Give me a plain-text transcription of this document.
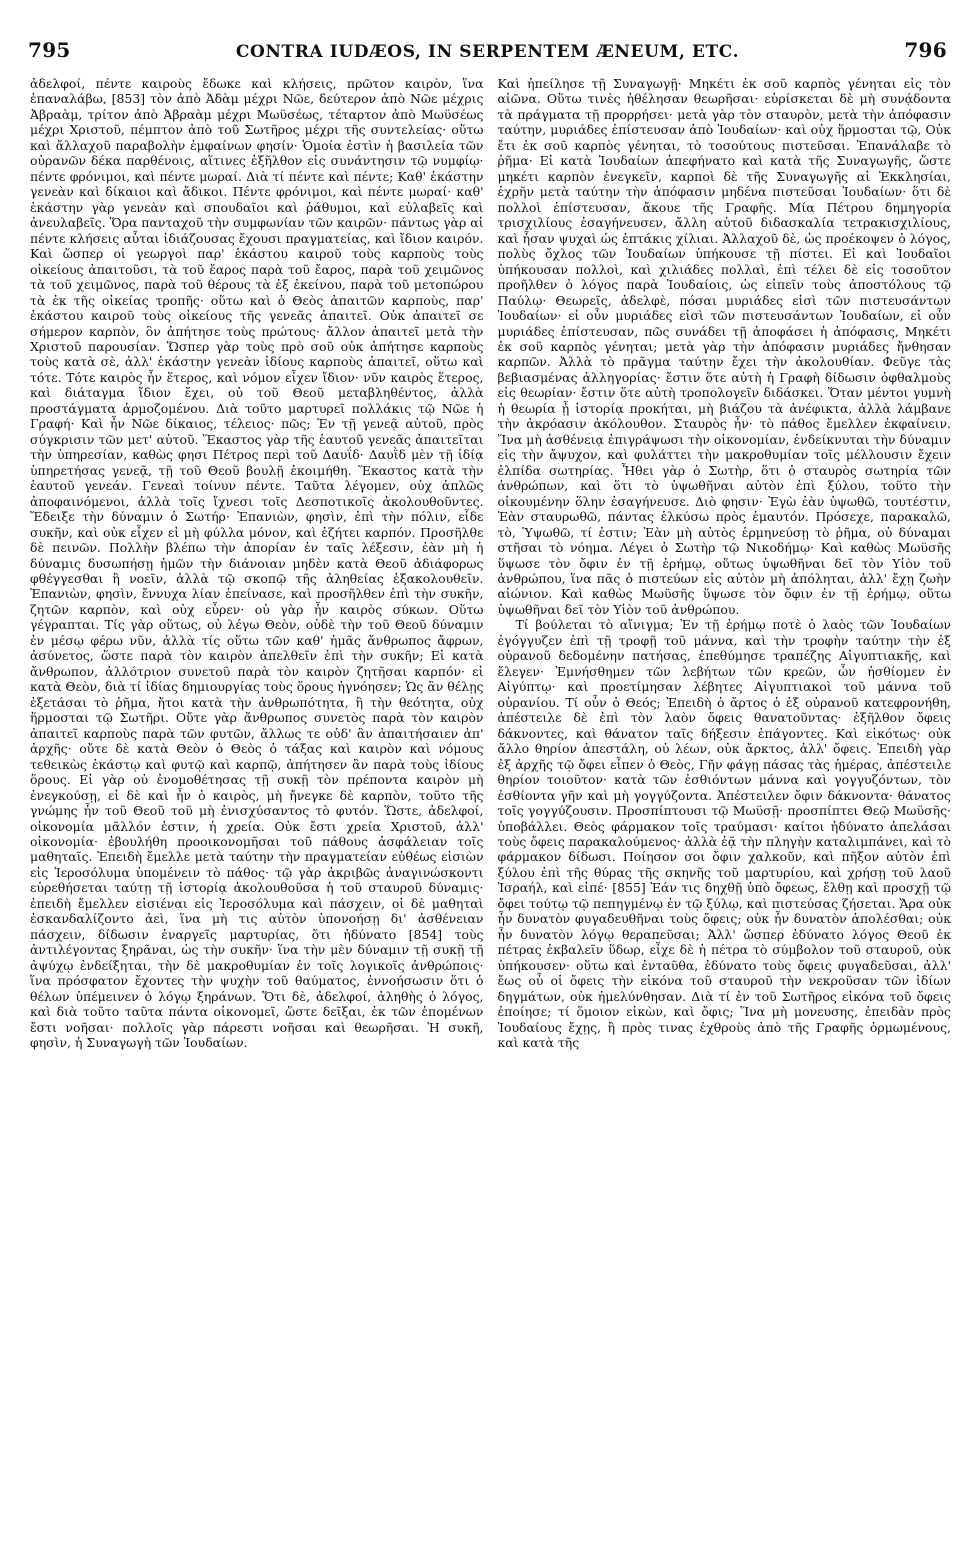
795	CONTRA IUDÆOS, IN SERPENTEM ÆNEUM, ETC.	796

ἀδελφοί, πέντε καιροὺς ἔδωκε καὶ κλήσεις, πρῶτον καιρὸν, ἵνα ἐπαναλάβω, [853] τὸν ἀπὸ Ἀδὰμ μέχρι Νῶε, δεύτερον ἀπὸ Νῶε μέχρις Ἀβραὰμ, τρίτον ἀπὸ Ἀβραὰμ μέχρι Μωϋσέως, τέταρτον ἀπὸ Μωϋσέως μέχρι Χριστοῦ, πέμπτον ἀπὸ τοῦ Σωτῆρος μέχρι τῆς συντελείας· οὕτω καὶ ἄλλαχοῦ παραβολὴν ἐμφαίνων φησίν· Ὁμοία ἐστὶν ἡ βασιλεία τῶν οὐρανῶν δέκα παρθένοις, αἵτινες ἐξῆλθον εἰς συνάντησιν τῷ νυμφίῳ· πέντε φρόνιμοι, καὶ πέντε μωραί. Διὰ τί πέντε καὶ πέντε; Καθ' ἑκάστην γενεὰν καὶ δίκαιοι καὶ ἄδικοι. Πέντε φρόνιμοι, καὶ πέντε μωραί· καθ' ἑκάστην γὰρ γενεὰν καὶ σπουδαῖοι καὶ ῥάθυμοι, καὶ εὐλαβεῖς καὶ ἀνευλαβεῖς. Ὅρα πανταχοῦ τὴν συμφωνίαν τῶν καιρῶν· πάντως γὰρ αἱ πέντε κλήσεις αὗται ἰδιάζουσας ἔχουσι πραγματείας, καὶ ἴδιον καιρόν. Καὶ ὥσπερ οἱ γεωργοὶ παρ' ἑκάστου καιροῦ τοὺς καρποὺς τοὺς οἰκείους ἀπαιτοῦσι, τὰ τοῦ ἔαρος παρὰ τοῦ ἔαρος, παρὰ τοῦ χειμῶνος τὰ τοῦ χειμῶνος, παρὰ τοῦ θέρους τὰ ἐξ ἐκείνου, παρὰ τοῦ μετοπώρου τὰ ἐκ τῆς οἰκείας τροπῆς· οὕτω καὶ ὁ Θεὸς ἀπαιτῶν καρποὺς, παρ' ἑκάστου καιροῦ τοὺς οἰκείους τῆς γενεᾶς ἀπαιτεῖ. Οὐκ ἀπαιτεῖ σε σήμερον καρπὸν, ὃν ἀπήτησε τοὺς πρώτους· ἄλλον ἀπαιτεῖ μετὰ τὴν Χριστοῦ παρουσίαν. Ὥσπερ γὰρ τοὺς πρὸ σοῦ οὐκ ἀπήτησε καρποὺς τοὺς κατὰ σὲ, ἀλλ' ἑκάστην γενεὰν ἰδίους καρποὺς ἀπαιτεῖ, οὕτω καὶ τότε. Τότε καιρὸς ἦν ἕτερος, καὶ νόμον εἶχεν ἴδιον· νῦν καιρὸς ἕτερος, καὶ διάταγμα ἴδιον ἔχει, οὐ τοῦ Θεοῦ μεταβληθέντος, ἀλλὰ προστάγματα ἁρμοζομένου. Διὰ τοῦτο μαρτυρεῖ πολλάκις τῷ Νῶε ἡ Γραφή· Καὶ ἦν Νῶε δίκαιος, τέλειος· πῶς; Ἐν τῇ γενεᾷ αὐτοῦ, πρὸς σύγκρισιν τῶν μετ' αὐτοῦ. Ἕκαστος γὰρ τῆς ἑαυτοῦ γενεᾶς ἀπαιτεῖται τὴν ὑπηρεσίαν, καθὼς φησι Πέτρος περὶ τοῦ Δαυΐδ· Δαυῒδ μὲν τῇ ἰδίᾳ ὑπηρετήσας γενεᾷ, τῇ τοῦ Θεοῦ βουλῇ ἐκοιμήθη. Ἕκαστος κατὰ τὴν ἑαυτοῦ γενεάν. Γενεαὶ τοίνυν πέντε. Ταῦτα λέγομεν, οὐχ ἁπλῶς ἀποφαινόμενοι, ἀλλὰ τοῖς ἴχνεσι τοῖς Δεσποτικοῖς ἀκολουθοῦντες. Ἔδειξε τὴν δύναμιν ὁ Σωτήρ· Ἐπανιὼν, φησὶν, ἐπὶ τὴν πόλιν, εἶδε συκῆν, καὶ οὐκ εἶχεν εἰ μὴ φύλλα μόνον, καὶ ἐζήτει καρπόν. Προσῆλθε δὲ πεινῶν. Πολλὴν βλέπω τὴν ἀπορίαν ἐν ταῖς λέξεσιν, ἐὰν μὴ ἡ δύναμις δυσωπήσῃ ἡμῶν τὴν διάνοιαν μηδὲν κατὰ Θεοῦ ἀδιάφορως φθέγγεσθαι ἢ νοεῖν, ἀλλὰ τῷ σκοπῷ τῆς ἀληθείας ἐξακολουθεῖν. Ἐπανιὼν, φησὶν, ἔννυχα λίαν ἐπείνασε, καὶ προσῆλθεν ἐπὶ τὴν συκῆν, ζητῶν καρπὸν, καὶ οὐχ εὗρεν· οὐ γὰρ ἦν καιρὸς σύκων. Οὕτω γέγραπται. Τίς γὰρ οὕτως, οὐ λέγω Θεὸν, οὐδὲ τὴν τοῦ Θεοῦ δύναμιν ἐν μέσῳ φέρω νῦν, ἀλλὰ τίς οὕτω τῶν καθ' ἡμᾶς ἄνθρωπος ἄφρων, ἀσύνετος, ὥστε παρὰ τὸν καιρὸν ἀπελθεῖν ἐπὶ τὴν συκῆν; Εἰ κατὰ ἄνθρωπον, ἀλλότριον συνετοῦ παρὰ τὸν καιρὸν ζητῆσαι καρπόν· εἰ κατὰ Θεὸν, διὰ τί ἰδίας δημιουργίας τοὺς ὅρους ἠγνόησεν; Ὡς ἂν θέλῃς ἐξετάσαι τὸ ῥῆμα, ἤτοι κατὰ τὴν ἀνθρωπότητα, ἢ τὴν θεότητα, οὐχ ἥρμοσται τῷ Σωτῆρι. Οὔτε γὰρ ἄνθρωπος συνετὸς παρὰ τὸν καιρὸν ἀπαιτεῖ καρποὺς παρὰ τῶν φυτῶν, ἄλλως τε οὐδ' ἂν ἀπαιτήσαιεν ἀπ' ἀρχῆς· οὔτε δὲ κατὰ Θεὸν ὁ Θεὸς ὁ τάξας καὶ καιρὸν καὶ νόμους τεθεικὼς ἑκάστῳ καὶ φυτῷ καὶ καρπῷ, ἀπήτησεν ἂν παρὰ τοὺς ἰδίους ὅρους. Εἰ γὰρ οὐ ἐνομοθέτησας τῇ συκῇ τὸν πρέποντα καιρὸν μὴ ἐνεγκούσῃ, εἰ δὲ καὶ ἦν ὁ καιρὸς, μὴ ἤνεγκε δὲ καρπὸν, τοῦτο τῆς γνώμης ἦν τοῦ Θεοῦ τοῦ μὴ ἐνισχύσαντος τὸ φυτόν. Ὥστε, ἀδελφοί, οἰκονομία μᾶλλόν ἐστιν, ἡ χρεία. Οὐκ ἔστι χρεία Χριστοῦ, ἀλλ' οἰκονομία· ἐβουλήθη προοικονομῆσαι τοῦ πάθους ἀσφάλειαν τοῖς μαθηταῖς. Ἐπειδὴ ἔμελλε μετὰ ταύτην τὴν πραγματείαν εὐθέως εἰσιὼν εἰς Ἱεροσόλυμα ὑπομένειν τὸ πάθος· τῷ γὰρ ἀκριβῶς ἀναγινώσκοντι εὑρεθήσεται ταύτῃ τῇ ἱστορίᾳ ἀκολουθοῦσα ἡ τοῦ σταυροῦ δύναμις· ἐπειδὴ ἔμελλεν εἰσιέναι εἰς Ἱεροσόλυμα καὶ πάσχειν, οἱ δὲ μαθηταὶ ἐσκανδαλίζοντο ἀεὶ, ἵνα μὴ τις αὐτὸν ὑπονοήσῃ δι' ἀσθένειαν πάσχειν, δίδωσιν ἐναργεῖς μαρτυρίας, ὅτι ἠδύνατο [854] τοὺς ἀντιλέγοντας ξηρᾶναι, ὡς τὴν συκῆν· ἵνα τὴν μὲν δύναμιν τῇ συκῇ τῇ ἀψύχῳ ἐνδείξηται, τὴν δὲ μακροθυμίαν ἐν τοῖς λογικοῖς ἀνθρώποις· ἵνα πρόσφατον ἔχοντες τὴν ψυχὴν τοῦ θαύματος, ἐννοήσωσιν ὅτι ὁ θέλων ὑπέμεινεν ὁ λόγῳ ξηράνων. Ὅτι δὲ, ἀδελφοί, ἀληθὴς ὁ λόγος, καὶ διὰ τοῦτο ταῦτα πάντα οἰκονομεῖ, ὥστε δεῖξαι, ἐκ τῶν ἑπομένων ἔστι νοῆσαι· πολλοῖς γὰρ πάρεστι νοῆσαι καὶ θεωρῆσαι. Ἡ συκῆ, φησὶν, ἡ Συναγωγὴ τῶν Ἰουδαίων.

Καὶ ἠπείλησε τῇ Συναγωγῇ· Μηκέτι ἐκ σοῦ καρπὸς γένηται εἰς τὸν αἰῶνα. Οὕτω τινὲς ἠθέλησαν θεωρῆσαι· εὑρίσκεται δὲ μὴ συνᾴδοντα τὰ πράγματα τῇ προρρήσει· μετὰ γὰρ τὸν σταυρὸν, μετὰ τὴν ἀπόφασιν ταύτην, μυριάδες ἐπίστευσαν ἀπὸ Ἰουδαίων· καὶ οὐχ ἥρμοσται τῷ, Οὐκ ἔτι ἐκ σοῦ καρπὸς γένηται, τὸ τοσούτους πιστεῦσαι. Ἐπανάλαβε τὸ ῥῆμα· Εἰ κατὰ Ἰουδαίων ἀπεφήνατο καὶ κατὰ τῆς Συναγωγῆς, ὥστε μηκέτι καρπὸν ἐνεγκεῖν, καρποὶ δὲ τῆς Συναγωγῆς αἱ Ἐκκλησίαι, ἐχρῆν μετὰ ταύτην τὴν ἀπόφασιν μηδένα πιστεῦσαι Ἰουδαίων· ὅτι δὲ πολλοὶ ἐπίστευσαν, ἄκουε τῆς Γραφῆς. Μία Πέτρου δημηγορία τρισχιλίους ἐσαγήνευσεν, ἄλλη αὐτοῦ διδασκαλία τετρακισχιλίους, καὶ ἦσαν ψυχαὶ ὡς ἑπτάκις χίλιαι. Ἀλλαχοῦ δὲ, ὡς προέκοψεν ὁ λόγος, πολὺς ὄχλος τῶν Ἰουδαίων ὑπήκουσε τῇ πίστει. Εἰ καὶ Ἰουδαῖοι ὑπήκουσαν πολλοὶ, καὶ χιλιάδες πολλαὶ, ἐπὶ τέλει δὲ εἰς τοσοῦτον προῆλθεν ὁ λόγος παρὰ Ἰουδαίοις, ὡς εἰπεῖν τοὺς ἀποστόλους τῷ Παύλῳ· Θεωρεῖς, ἀδελφὲ, πόσαι μυριάδες εἰσὶ τῶν πιστευσάντων Ἰουδαίων· εἰ οὖν μυριάδες εἰσὶ τῶν πιστευσάντων Ἰουδαίων, εἰ οὖν μυριάδες ἐπίστευσαν, πῶς συνάδει τῇ ἀποφάσει ἡ ἀπόφασις, Μηκέτι ἐκ σοῦ καρπὸς γένηται; μετὰ γὰρ τὴν ἀπόφασιν μυριάδες ἤνθησαν καρπῶν. Ἀλλὰ τὸ πρᾶγμα ταύτην ἔχει τὴν ἀκολουθίαν. Φεῦγε τὰς βεβιασμένας ἀλληγορίας· ἔστιν ὅτε αὐτὴ ἡ Γραφὴ δίδωσιν ὀφθαλμοὺς εἰς θεωρίαν· ἔστιν ὅτε αὐτὴ τροπολογεῖν διδάσκει. Ὅταν μέντοι γυμνὴ ἡ θεωρία ᾖ ἱστορίᾳ προκήται, μὴ βιάζου τὰ ἀνέφικτα, ἀλλὰ λάμβανε τὴν ἀκρόασιν ἀκόλουθον. Σταυρὸς ἦν· τὸ πάθος ἔμελλεν ἐκφαίνειν. Ἵνα μὴ ἀσθένειᾳ ἐπιγράψωσι τὴν οἰκονομίαν, ἐνδείκνυται τὴν δύναμιν εἰς τὴν ἄψυχον, καὶ φυλάττει τὴν μακροθυμίαν τοῖς μέλλουσιν ἔχειν ἐλπίδα σωτηρίας. Ἦθει γὰρ ὁ Σωτὴρ, ὅτι ὁ σταυρὸς σωτηρία τῶν ἀνθρώπων, καὶ ὅτι τὸ ὑψωθῆναι αὐτὸν ἐπὶ ξύλου, τοῦτο τὴν οἰκουμένην ὅλην ἐσαγήνευσε. Διὸ φησιν· Ἐγὼ ἐὰν ὑψωθῶ, τουτέστιν, Ἐὰν σταυρωθῶ, πάντας ἑλκύσω πρὸς ἐμαυτόν. Πρόσεχε, παρακαλῶ, τὸ, Ὑψωθῶ, τί ἐστιν; Ἐὰν μὴ αὐτὸς ἑρμηνεύσῃ τὸ ῥῆμα, οὐ δύναμαι στῆσαι τὸ νόημα. Λέγει ὁ Σωτὴρ τῷ Νικοδήμῳ· Καὶ καθὼς Μωϋσῆς ὕψωσε τὸν ὄφιν ἐν τῇ ἐρήμῳ, οὕτως ὑψωθῆναι δεῖ τὸν Υἱὸν τοῦ ἀνθρώπου, ἵνα πᾶς ὁ πιστεύων εἰς αὐτὸν μὴ ἀπόληται, ἀλλ' ἔχῃ ζωὴν αἰώνιον. Καὶ καθὼς Μωϋσῆς ὕψωσε τὸν ὄφιν ἐν τῇ ἐρήμῳ, οὕτω ὑψωθῆναι δεῖ τὸν Υἱὸν τοῦ ἀνθρώπου.

Τί βούλεται τὸ αἴνιγμα; Ἐν τῇ ἐρήμῳ ποτὲ ὁ λαὸς τῶν Ἰουδαίων ἐγόγγυζεν ἐπὶ τῇ τροφῇ τοῦ μάννα, καὶ τὴν τροφὴν ταύτην τὴν ἐξ οὐρανοῦ δεδομένην πατήσας, ἐπεθύμησε τραπέζης Αἰγυπτιακῆς, καὶ ἔλεγεν· Ἐμνήσθημεν τῶν λεβήτων τῶν κρεῶν, ὧν ἠσθίομεν ἐν Αἰγύπτῳ· καὶ προετίμησαν λέβητες Αἰγυπτιακοὶ τοῦ μάννα τοῦ οὐρανίου. Τί οὖν ὁ Θεός; Ἐπειδὴ ὁ ἄρτος ὁ ἐξ οὐρανοῦ κατεφρονήθη, ἀπέστειλε δὲ ἐπὶ τὸν λαὸν ὄφεις θανατοῦντας· ἐξῆλθον ὄφεις δάκνοντες, καὶ θάνατον ταῖς δήξεσιν ἐπάγοντες. Καὶ εἰκότως· οὐκ ἄλλο θηρίον ἀπεστάλη, οὐ λέων, οὐκ ἄρκτος, ἀλλ' ὄφεις. Ἐπειδὴ γὰρ ἐξ ἀρχῆς τῷ ὄφει εἶπεν ὁ Θεὸς, Γῆν φάγῃ πάσας τὰς ἡμέρας, ἀπέστειλε θηρίον τοιοῦτον· κατὰ τῶν ἐσθιόντων μάννα καὶ γογγυζόντων, τὸν ἐσθίοντα γῆν καὶ μὴ γογγύζοντα. Ἀπέστειλεν ὄφιν δάκνοντα· θάνατος τοῖς γογγύζουσιν. Προσπίπτουσι τῷ Μωϋσῇ· προσπίπτει Θεῷ Μωϋσῆς· ὑποβάλλει. Θεὸς φάρμακον τοῖς τραύμασι· καίτοι ἠδύνατο ἀπελάσαι τοὺς ὄφεις παρακαλούμενος· ἀλλὰ ἐᾷ τὴν πληγὴν καταλιμπάνει, καὶ τὸ φάρμακον δίδωσι. Ποίησον σοι ὄφιν χαλκοῦν, καὶ πῆξον αὐτὸν ἐπὶ ξύλου ἐπὶ τῆς θύρας τῆς σκηνῆς τοῦ μαρτυρίου, καὶ χρήσῃ τοῦ λαοῦ Ἰσραήλ, καὶ εἰπέ· [855] Ἐάν τις δηχθῇ ὑπὸ ὄφεως, ἔλθῃ καὶ προσχῇ τῷ ὄφει τούτῳ τῷ πεπηγμένῳ ἐν τῷ ξύλῳ, καὶ πιστεύσας ζήσεται. Ἄρα οὐκ ἦν δυνατὸν φυγαδευθῆναι τοὺς ὄφεις; οὐκ ἦν δυνατὸν ἀπολέσθαι; οὐκ ἦν δυνατὸν λόγῳ θεραπεῦσαι; Ἀλλ' ὥσπερ ἐδύνατο λόγος Θεοῦ ἐκ πέτρας ἐκβαλεῖν ὕδωρ, εἶχε δὲ ἡ πέτρα τὸ σύμβολον τοῦ σταυροῦ, οὐκ ὑπήκουσεν· οὕτω καὶ ἐνταῦθα, ἐδύνατο τοὺς ὄφεις φυγαδεῦσαι, ἀλλ' ἔως οὗ οἱ ὄφεις τὴν εἰκόνα τοῦ σταυροῦ τὴν νεκροῦσαν τῶν ἰδίων δηγμάτων, οὐκ ἠμελύνθησαν. Διὰ τί ἐν τοῦ Σωτῆρος εἰκόνα τοῦ ὄφεις ἐποίησε; τί ὅμοιον εἰκὼν, καὶ ὄφις; Ἵνα μὴ μονευσης, ἐπειδὰν πρὸς Ἰουδαίους ἔχῃς, ἢ πρὸς τινας ἐχθροὺς ἀπὸ τῆς Γραφῆς ὁρμωμένους, καὶ κατὰ τῆς
